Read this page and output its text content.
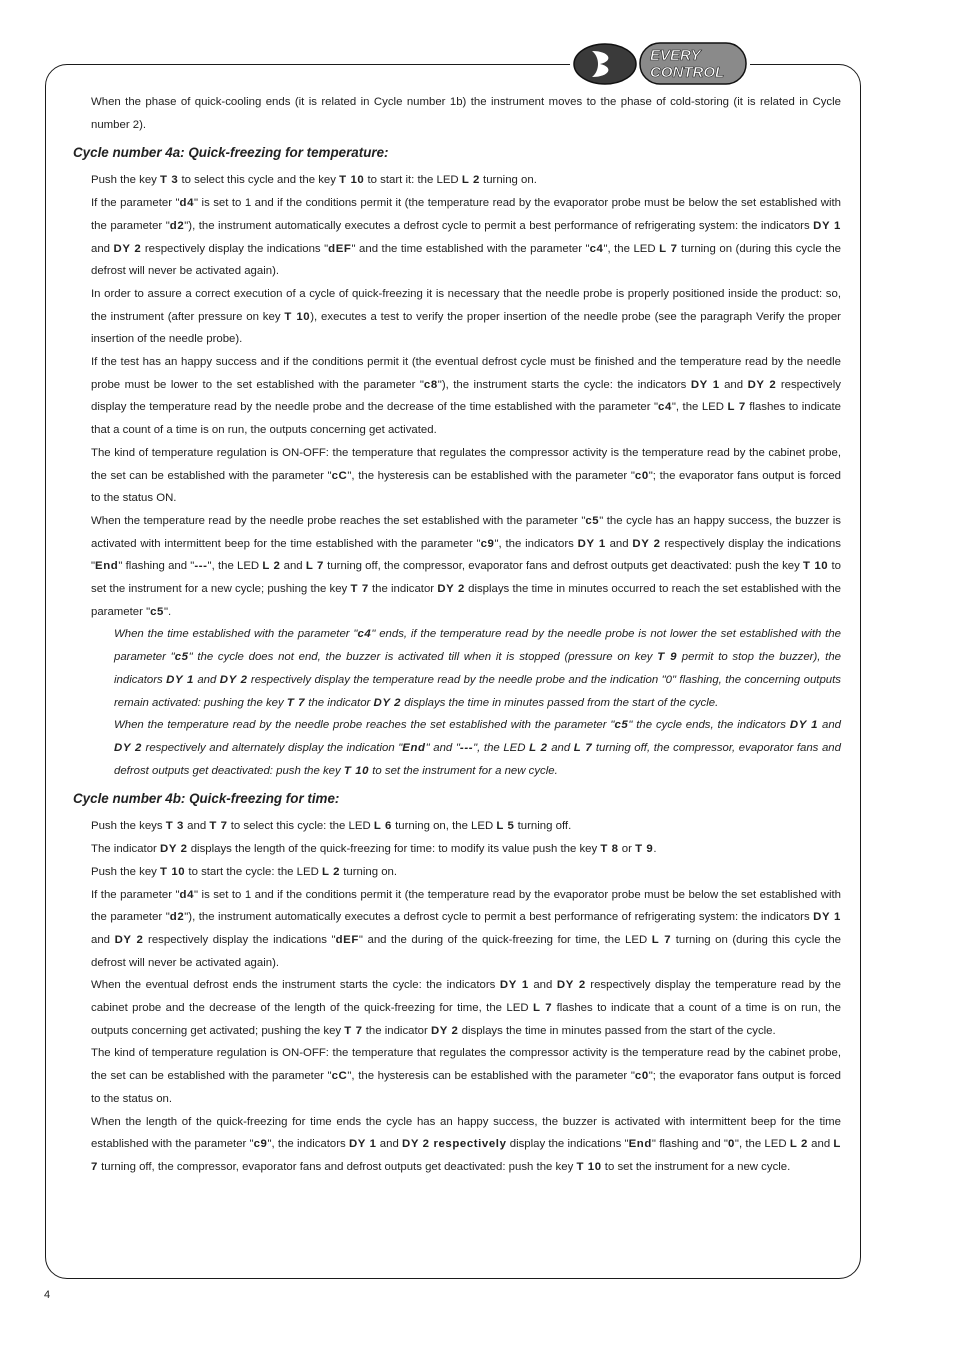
EVERY
CONTROL

When the phase of quick-cooling ends (it is related in Cycle number 1b) the instrument moves to the phase of cold-storing (it is related in Cycle number 2).

Cycle number 4a: Quick-freezing for temperature:

Push the key T 3 to select this cycle and the key T 10 to start it: the LED L 2 turning on.

If the parameter "d4" is set to 1 and if the conditions permit it (the temperature read by the evaporator probe must be below the set established with the parameter "d2"), the instrument automatically executes a defrost cycle to permit a best performance of refrigerating system: the indicators DY 1 and DY 2 respectively display the indications "dEF" and the time established with the parameter "c4", the LED L 7 turning on (during this cycle the defrost will never be activated again).

In order to assure a correct execution of a cycle of quick-freezing it is necessary that the needle probe is properly positioned inside the product: so, the instrument (after pressure on key T 10), executes a test to verify the proper insertion of the needle probe (see the paragraph Verify the proper insertion of the needle probe).

If the test has an happy success and if the conditions permit it (the eventual defrost cycle must be finished and the temperature read by the needle probe must be lower to the set established with the parameter "c8"), the instrument starts the cycle: the indicators DY 1 and DY 2 respectively display the temperature read by the needle probe and the decrease of the time established with the parameter "c4", the LED L 7 flashes to indicate that a count of a time is on run, the outputs concerning get activated.

The kind of temperature regulation is ON-OFF: the temperature that regulates the compressor activity is the temperature read by the cabinet probe, the set can be established with the parameter "cC", the hysteresis can be established with the parameter "c0"; the evaporator fans output is forced to the status ON.

When the temperature read by the needle probe reaches the set established with the parameter "c5" the cycle has an happy success, the buzzer is activated with intermittent beep for the time established with the parameter "c9", the indicators DY 1 and DY 2 respectively display the indications "End" flashing and "---", the LED L 2 and L 7 turning off, the compressor, evaporator fans and defrost outputs get deactivated: push the key T 10 to set the instrument for a new cycle; pushing the key T 7 the indicator DY 2 displays the time in minutes occurred to reach the set established with the parameter "c5".

When the time established with the parameter "c4" ends, if the temperature read by the needle probe is not lower the set established with the parameter "c5" the cycle does not end, the buzzer is activated till when it is stopped (pressure on key T 9 permit to stop the buzzer), the indicators DY 1 and DY 2 respectively display the temperature read by the needle probe and the indication "0" flashing, the concerning outputs remain activated: pushing the key T 7 the indicator DY 2 displays the time in minutes passed from the start of the cycle.

When the temperature read by the needle probe reaches the set established with the parameter "c5" the cycle ends, the indicators DY 1 and DY 2 respectively and alternately display the indication "End" and "---", the LED L 2 and L 7 turning off, the compressor, evaporator fans and defrost outputs get deactivated: push the key T 10 to set the instrument for a new cycle.

Cycle number 4b: Quick-freezing for time:

Push the keys T 3 and T 7 to select this cycle: the LED L 6 turning on, the LED L 5 turning off.

The indicator DY 2 displays the length of the quick-freezing for time: to modify its value push the key T 8 or T 9.

Push the key T 10 to start the cycle: the LED L 2 turning on.

If the parameter "d4" is set to 1 and if the conditions permit it (the temperature read by the evaporator probe must be below the set established with the parameter "d2"), the instrument automatically executes a defrost cycle to permit a best performance of refrigerating system: the indicators DY 1 and DY 2 respectively display the indications "dEF" and the during of the quick-freezing for time, the LED L 7 turning on (during this cycle the defrost will never be activated again).

When the eventual defrost ends the instrument starts the cycle: the indicators DY 1 and DY 2 respectively display the temperature read by the cabinet probe and the decrease of the length of the quick-freezing for time, the LED L 7 flashes to indicate that a count of a time is on run, the outputs concerning get activated; pushing the key T 7 the indicator DY 2 displays the time in minutes passed from the start of the cycle.

The kind of temperature regulation is ON-OFF: the temperature that regulates the compressor activity is the temperature read by the cabinet probe, the set can be established with the parameter "cC", the hysteresis can be established with the parameter "c0"; the evaporator fans output is forced to the status on.

When the length of the quick-freezing for time ends the cycle has an happy success, the buzzer is activated with intermittent beep for the time established with the parameter "c9", the indicators DY 1 and DY 2 respectively display the indications "End" flashing and "0", the LED L 2 and L 7 turning off, the compressor, evaporator fans and defrost outputs get deactivated: push the key T 10 to set the instrument for a new cycle.

4
